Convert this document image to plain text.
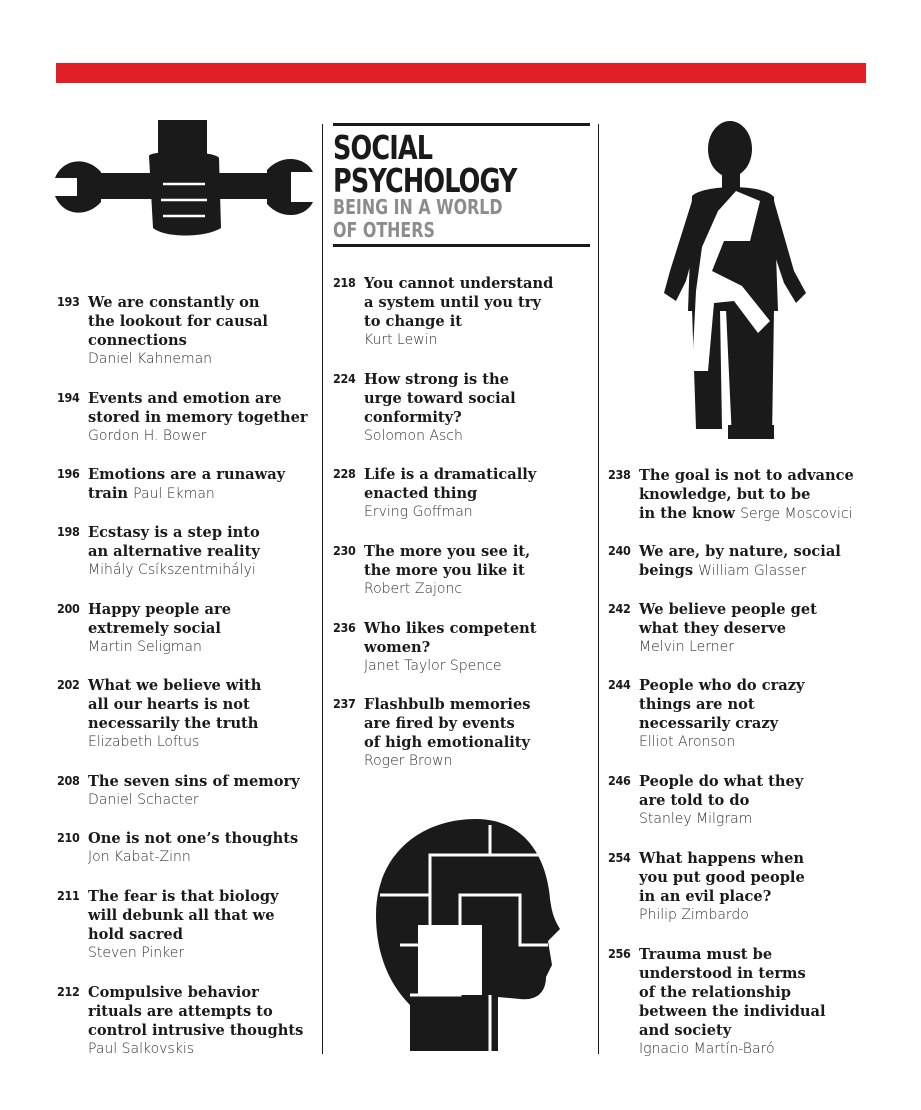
SOCIAL
PSYCHOLOGY
BEING IN A WORLD
OF OTHERS
193 We are constantly on
the lookout for causal
connections
Daniel Kahneman
194 Events and emotion are
stored in memory together
Gordon H. Bower
196 Emotions are a runaway
train Paul Ekman
198 Ecstasy is a step into
an alternative reality
Mihály Csíkszentmihályi
200 Happy people are
extremely social
Martin Seligman
202 What we believe with
all our hearts is not
necessarily the truth
Elizabeth Loftus
208 The seven sins of memory
Daniel Schacter
210 One is not one’s thoughts
Jon Kabat-Zinn
211 The fear is that biology
will debunk all that we
hold sacred
Steven Pinker
212 Compulsive behavior
rituals are attempts to
control intrusive thoughts
Paul Salkovskis
218 You cannot understand
a system until you try
to change it
Kurt Lewin
224 How strong is the
urge toward social
conformity?
Solomon Asch
228 Life is a dramatically
enacted thing
Erving Goffman
230 The more you see it,
the more you like it
Robert Zajonc
236 Who likes competent
women?
Janet Taylor Spence
237 Flashbulb memories
are fired by events
of high emotionality
Roger Brown
238 The goal is not to advance
knowledge, but to be
in the know Serge Moscovici
240 We are, by nature, social
beings William Glasser
242 We believe people get
what they deserve
Melvin Lerner
244 People who do crazy
things are not
necessarily crazy
Elliot Aronson
246 People do what they
are told to do
Stanley Milgram
254 What happens when
you put good people
in an evil place?
Philip Zimbardo
256 Trauma must be
understood in terms
of the relationship
between the individual
and society
Ignacio Martín-Baró
